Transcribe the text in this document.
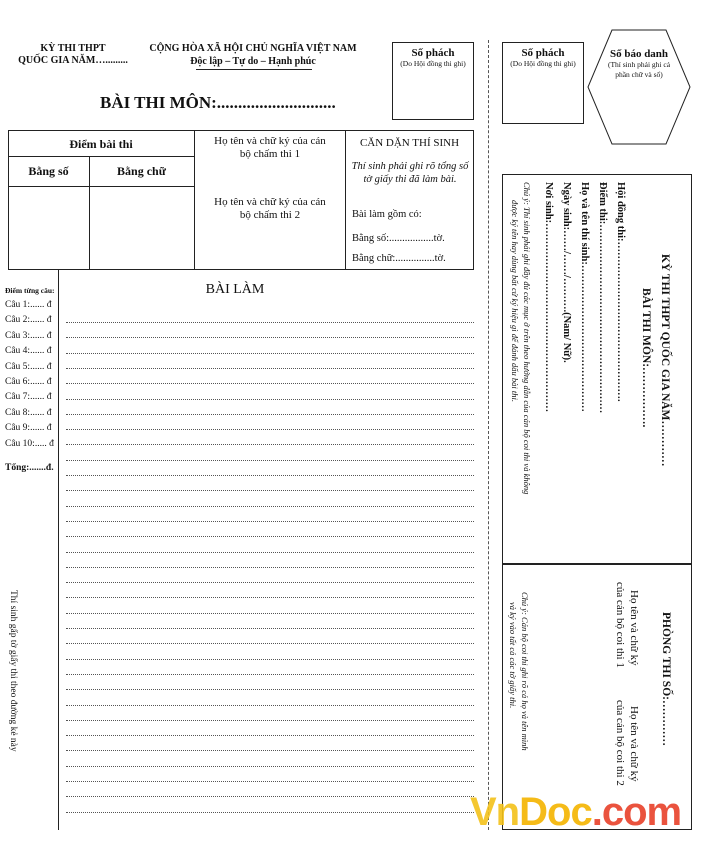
KỲ THI THPT
QUỐC GIA NĂM….........
CỘNG HÒA XÃ HỘI CHỦ NGHĨA VIỆT NAM
Độc lập – Tự do – Hạnh phúc
BÀI THI MÔN:............................
Số phách
(Do Hội đồng thi ghi)
Số phách
(Do Hội đồng thi ghi)
Số báo danh
(Thí sinh phải ghi cả phần chữ và số)
Điểm bài thi
Bằng số	Bằng chữ
Họ tên và chữ ký của cán bộ chấm thi 1
Họ tên và chữ ký của cán bộ chấm thi 2
CĂN DẶN THÍ SINH
Thí sinh phải ghi rõ tổng số tờ giấy thi đã làm bài.
Bài làm gồm có:
Bằng số:.................tờ.
Bằng chữ:...............tờ.
BÀI LÀM
Điểm từng câu:
Câu 1:...... đ
Câu 2:...... đ
Câu 3:...... đ
Câu 4:...... đ
Câu 5:...... đ
Câu 6:...... đ
Câu 7:...... đ
Câu 8:...... đ
Câu 9:...... đ
Câu 10:..... đ
Tổng:.......đ.
Thí sinh gấp tờ giấy thi theo đường kẻ này
KỲ THI THPT QUỐC GIA NĂM…………
BÀI THI MÔN:…………….
Hội đồng thi:……………………………………….
Điểm thi:………………………………………………
Họ và tên thí sinh:……………………………………
Ngày sinh:……/……/……….(Nam/ Nữ).
Nơi sinh:………………………………………………
Chú ý: Thí sinh phải ghi đầy đủ các mục ở trên theo hướng dẫn của cán bộ coi thi và không
được ký tên hay dùng bất cứ ký hiệu gì để đánh dấu bài thi.
PHÒNG THI SỐ:…………
Họ tên và chữ ký
của cán bộ coi thi 1
Họ tên và chữ ký
của cán bộ coi thi 2
Chú ý: Cán bộ coi thi ghi rõ cả họ và tên mình
và ký vào tất cả các tờ giấy thi.
VnDoc.com
